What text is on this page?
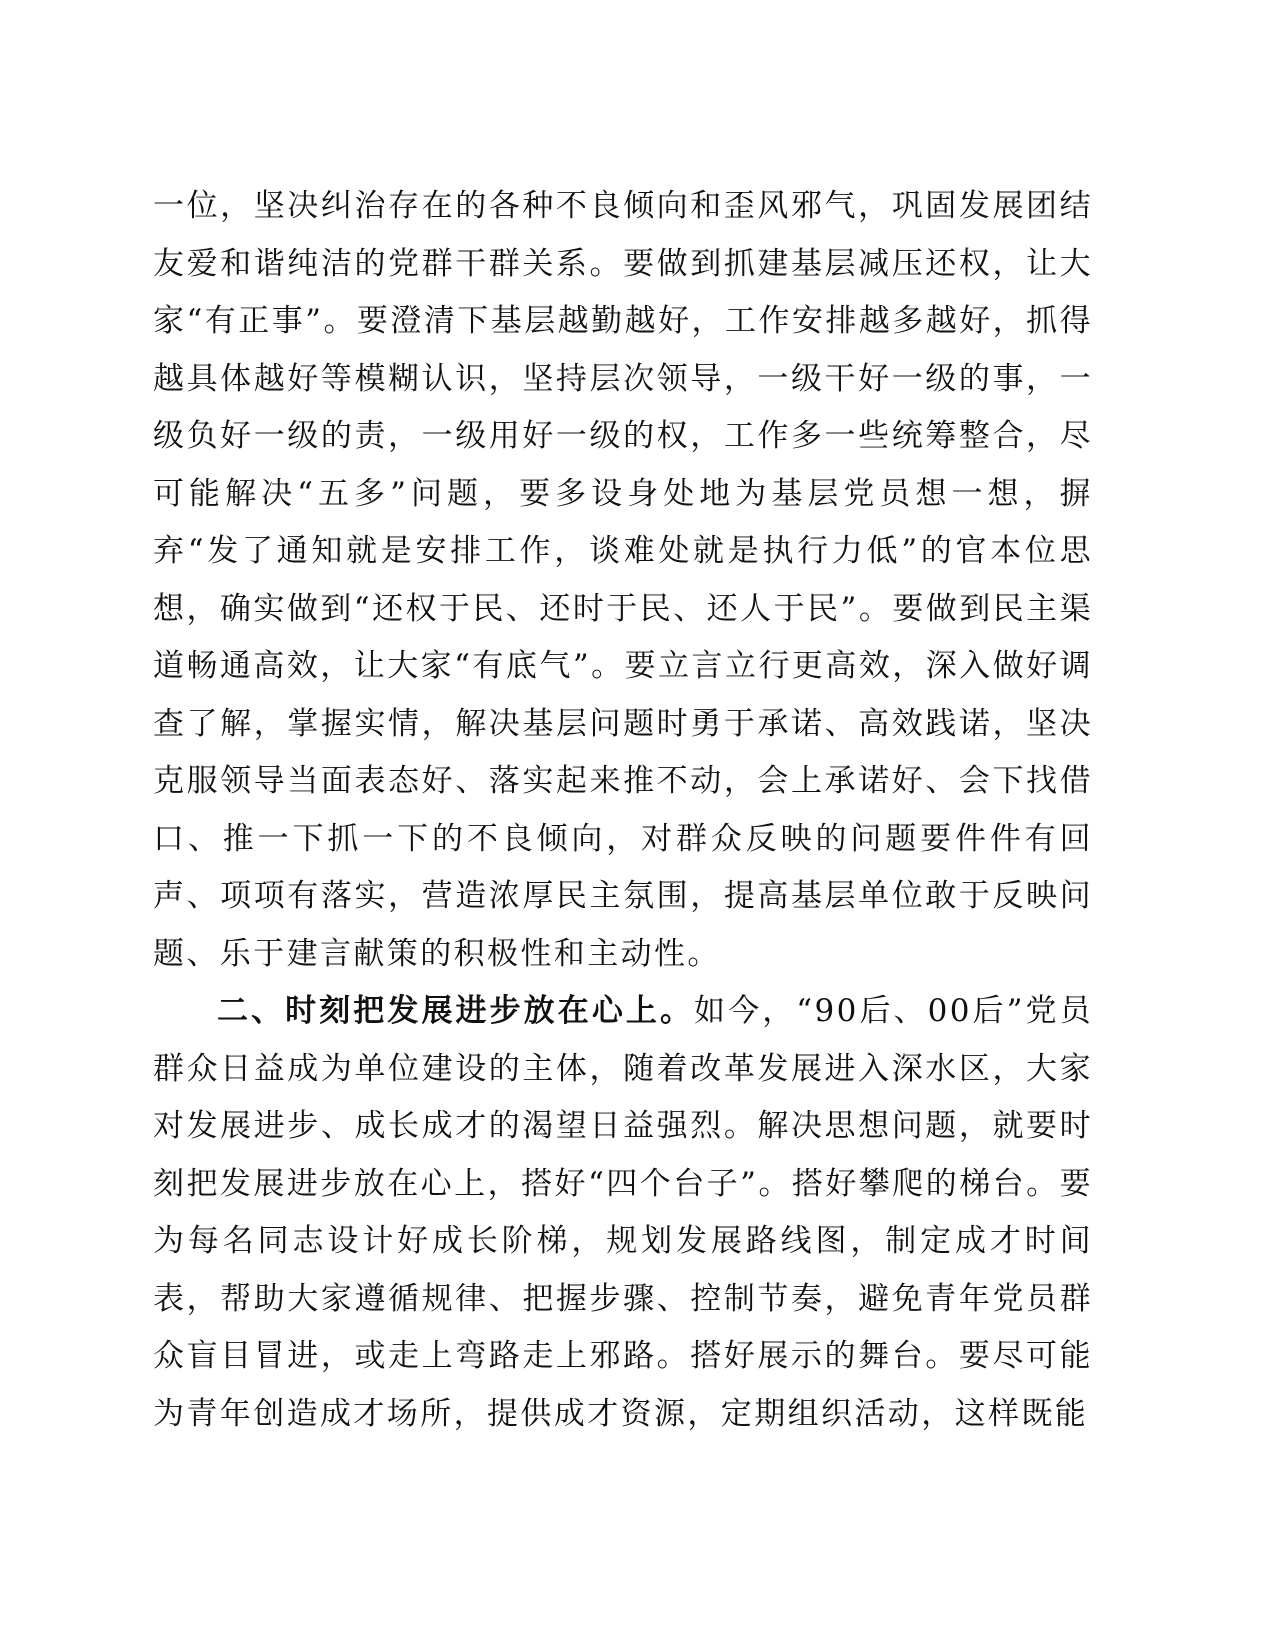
一位，坚决纠治存在的各种不良倾向和歪风邪气，巩固发展团结友爱和谐纯洁的党群干群关系。要做到抓建基层减压还权，让大家“有正事”。要澄清下基层越勤越好，工作安排越多越好，抓得越具体越好等模糊认识，坚持层次领导，一级干好一级的事，一级负好一级的责，一级用好一级的权，工作多一些统筹整合，尽可能解决“五多”问题，要多设身处地为基层党员想一想，摒弃“发了通知就是安排工作，谈难处就是执行力低”的官本位思想，确实做到“还权于民、还时于民、还人于民”。要做到民主渠道畅通高效，让大家“有底气”。要立言立行更高效，深入做好调查了解，掌握实情，解决基层问题时勇于承诺、高效践诺，坚决克服领导当面表态好、落实起来推不动，会上承诺好、会下找借口、推一下抓一下的不良倾向，对群众反映的问题要件件有回声、项项有落实，营造浓厚民主氛围，提高基层单位敢于反映问题、乐于建言献策的积极性和主动性。

二、时刻把发展进步放在心上。如今，“90后、00后”党员群众日益成为单位建设的主体，随着改革发展进入深水区，大家对发展进步、成长成才的渴望日益强烈。解决思想问题，就要时刻把发展进步放在心上，搭好“四个台子”。搭好攀爬的梯台。要为每名同志设计好成长阶梯，规划发展路线图，制定成才时间表，帮助大家遵循规律、把握步骤、控制节奏，避免青年党员群众盲目冒进，或走上弯路走上邪路。搭好展示的舞台。要尽可能为青年创造成才场所，提供成才资源，定期组织活动，这样既能
